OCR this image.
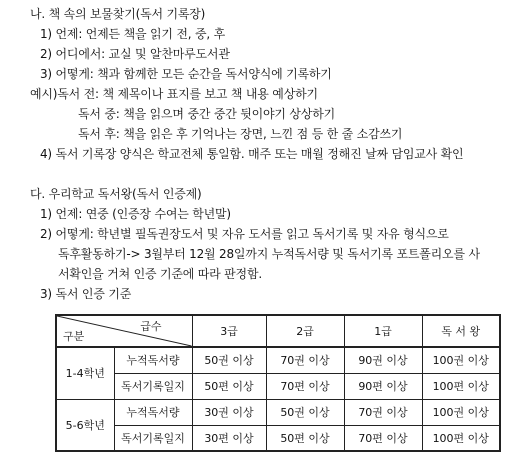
나. 책 속의 보물찾기(독서 기록장)
1) 언제: 언제든 책을 읽기 전, 중, 후
2) 어디에서: 교실 및 알찬마루도서관
3) 어떻게: 책과 함께한 모든 순간을 독서양식에 기록하기
예시)독서 전: 책 제목이나 표지를 보고 책 내용 예상하기
독서 중: 책을 읽으며 중간 중간 뒷이야기 상상하기
독서 후: 책을 읽은 후 기억나는 장면, 느낀 점 등 한 줄 소감쓰기
4) 독서 기록장 양식은 학교전체 통일함. 매주 또는 매월 정해진 날짜 담임교사 확인
다. 우리학교 독서왕(독서 인증제)
1) 언제: 연중 (인증장 수여는 학년말)
2) 어떻게: 학년별 필독권장도서 및 자유 도서를 읽고 독서기록 및 자유 형식으로
독후활동하기-> 3월부터 12월 28일까지 누적독서량 및 독서기록 포트폴리오를 사
서확인을 거쳐 인증 기준에 따라 판정함.
3) 독서 인증 기준
급수
구분		3급	2급	1급	독 서 왕
1-4학년	누적독서량	50권 이상	70권 이상	90권 이상	100권 이상
	독서기록일지	50편 이상	70편 이상	90편 이상	100편 이상
5-6학년	누적독서량	30권 이상	50권 이상	70권 이상	100권 이상
	독서기록일지	30편 이상	50편 이상	70편 이상	100편 이상
